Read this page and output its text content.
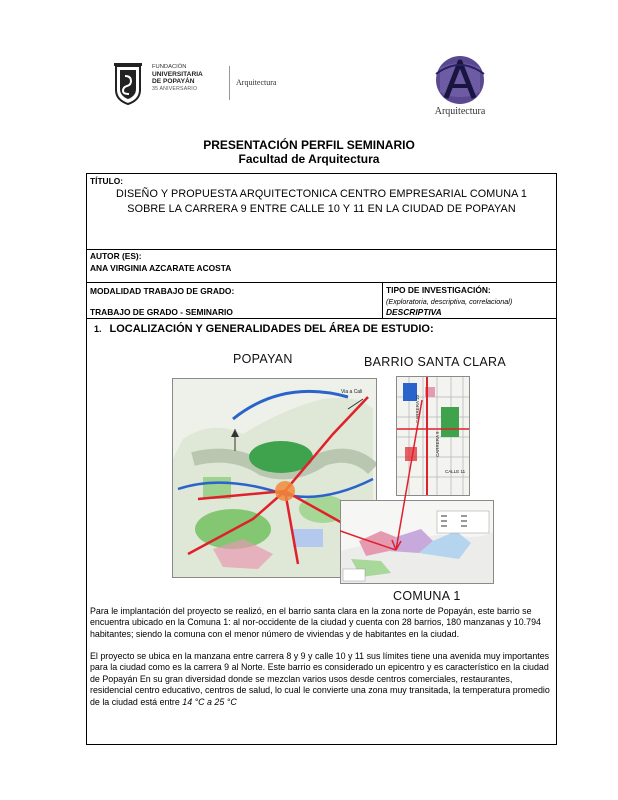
FUNDACIÓN
UNIVERSITARIA
DE POPAYÁN
35 ANIVERSARIO
Arquitectura
Arquitectura
PRESENTACIÓN PERFIL SEMINARIO
Facultad de Arquitectura
TÍTULO:
DISEÑO Y PROPUESTA ARQUITECTONICA CENTRO EMPRESARIAL COMUNA 1
SOBRE LA CARRERA 9 ENTRE CALLE 10 Y 11 EN LA CIUDAD DE POPAYAN
AUTOR (ES):
ANA VIRGINIA AZCARATE ACOSTA
MODALIDAD TRABAJO DE GRADO:
TRABAJO DE GRADO - SEMINARIO
TIPO DE INVESTIGACIÓN:
(Exploratoria, descriptiva, correlacional)
DESCRIPTIVA
1. LOCALIZACIÓN Y GENERALIDADES DEL ÁREA DE ESTUDIO:
POPAYAN	BARRIO SANTA CLARA
Via a Cali
CARRERA 10
CARRERA 9
CALLE 11
COMUNA 1

Para le implantación del proyecto se realizó, en el barrio santa clara en la zona norte de Popayán, este barrio se encuentra ubicado en la Comuna 1: al nor-occidente de la ciudad y cuenta con 28 barrios, 180 manzanas y 10.794 habitantes; siendo la comuna con el menor número de viviendas y de habitantes en la ciudad.

El proyecto se ubica en la manzana entre carrera 8 y 9 y calle 10 y 11 sus límites tiene una avenida muy importantes para la ciudad como es la carrera 9 al Norte. Este barrio es considerado un epicentro y es característico en la ciudad de Popayán En su gran diversidad donde se mezclan varios usos desde centros comerciales, restaurantes, residencial centro educativo, centros de salud, lo cual le convierte una zona muy transitada, la temperatura promedio de la ciudad está entre 14 °C a 25 °C
